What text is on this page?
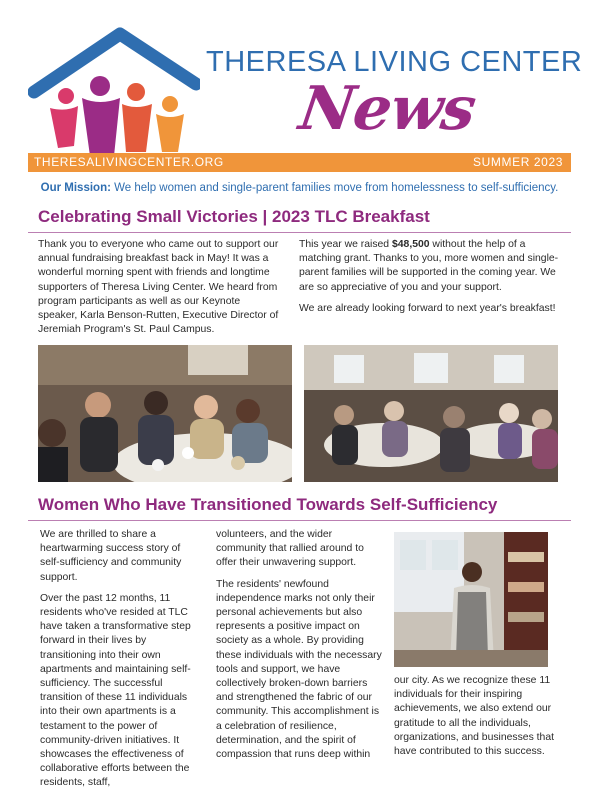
THERESA LIVING CENTER
News
THERESALIVINGCENTER.ORG	SUMMER 2023
Our Mission: We help women and single-parent families move from homelessness to self-sufficiency.
Celebrating Small Victories | 2023 TLC Breakfast

Thank you to everyone who came out to support our annual fundraising breakfast back in May! It was a wonderful morning spent with friends and longtime supporters of Theresa Living Center. We heard from program participants as well as our Keynote speaker, Karla Benson-Rutten, Executive Director of Jeremiah Program's St. Paul Campus.

This year we raised $48,500 without the help of a matching grant. Thanks to you, more women and single-parent families will be supported in the coming year. We are so appreciative of you and your support.

We are already looking forward to next year's breakfast!

Women Who Have Transitioned Towards Self-Sufficiency

We are thrilled to share a heartwarming success story of self-sufficiency and community support.

Over the past 12 months, 11 residents who've resided at TLC have taken a transformative step forward in their lives by transitioning into their own apartments and maintaining self-sufficiency. The successful transition of these 11 individuals into their own apartments is a testament to the power of community-driven initiatives. It showcases the effectiveness of collaborative efforts between the residents, staff,

volunteers, and the wider community that rallied around to offer their unwavering support.

The residents' newfound independence marks not only their personal achievements but also represents a positive impact on society as a whole. By providing these individuals with the necessary tools and support, we have collectively broken-down barriers and strengthened the fabric of our community. This accomplishment is a celebration of resilience, determination, and the spirit of compassion that runs deep within

our city. As we recognize these 11 individuals for their inspiring achievements, we also extend our gratitude to all the individuals, organizations, and businesses that have contributed to this success.
